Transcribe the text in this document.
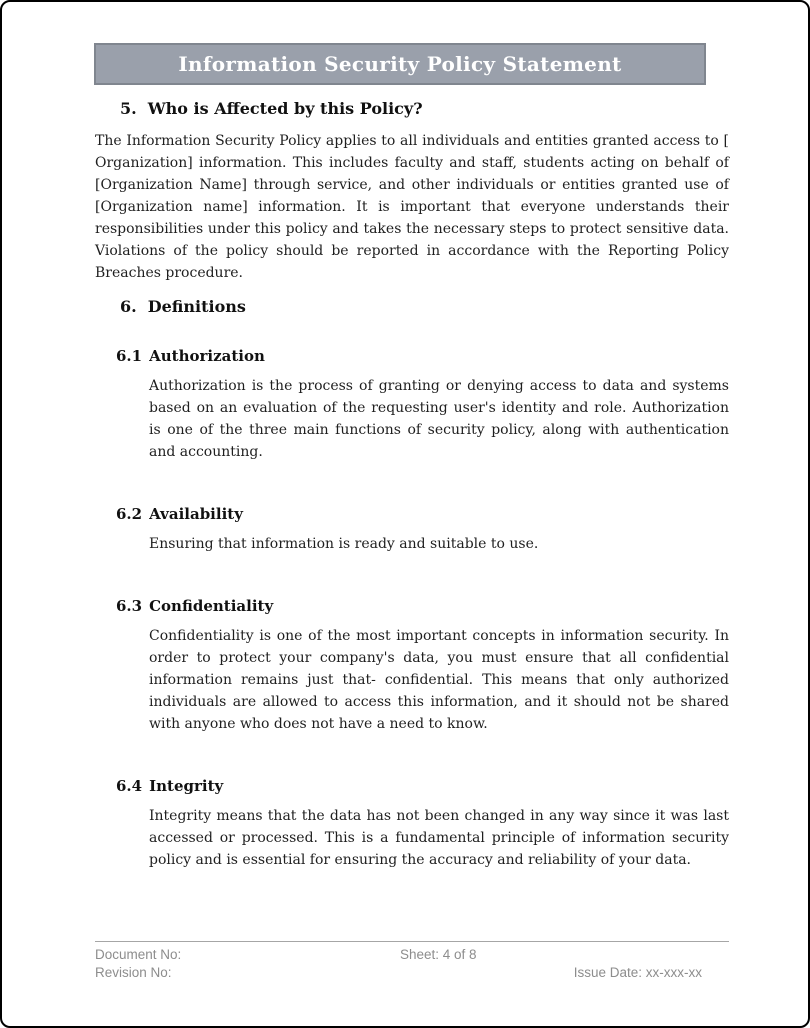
Information Security Policy Statement
5. Who is Affected by this Policy?

The Information Security Policy applies to all individuals and entities granted access to [ Organization] information. This includes faculty and staff, students acting on behalf of [Organization Name] through service, and other individuals or entities granted use of [Organization name] information. It is important that everyone understands their responsibilities under this policy and takes the necessary steps to protect sensitive data. Violations of the policy should be reported in accordance with the Reporting Policy Breaches procedure.

6. Definitions
6.1 Authorization

Authorization is the process of granting or denying access to data and systems based on an evaluation of the requesting user's identity and role. Authorization is one of the three main functions of security policy, along with authentication and accounting.

6.2 Availability

Ensuring that information is ready and suitable to use.

6.3 Confidentiality

Confidentiality is one of the most important concepts in information security. In order to protect your company's data, you must ensure that all confidential information remains just that- confidential. This means that only authorized individuals are allowed to access this information, and it should not be shared with anyone who does not have a need to know.

6.4 Integrity

Integrity means that the data has not been changed in any way since it was last accessed or processed. This is a fundamental principle of information security policy and is essential for ensuring the accuracy and reliability of your data.

Document No:	Sheet: 4 of 8
Revision No:	Issue Date: xx-xxx-xx
